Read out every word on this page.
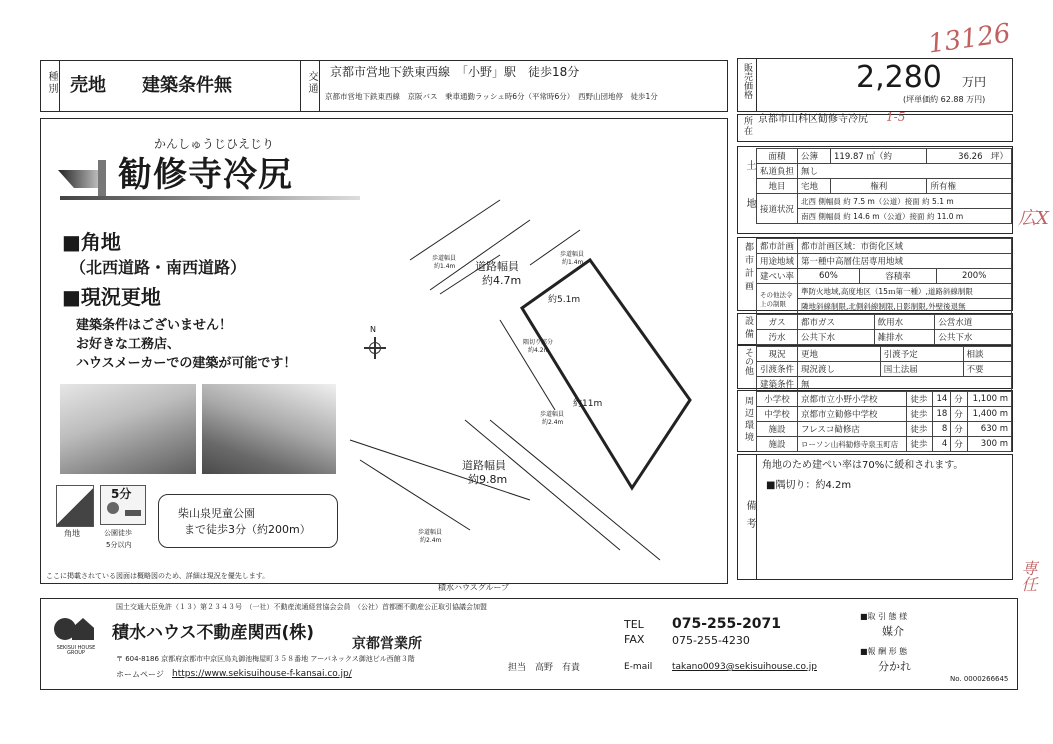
種別 売地 建築条件無	交通 京都市営地下鉄東西線　「小野」駅　徒歩18分
京都市営地下鉄東西線　京阪バス　乗車通勤ラッシュ時6分（平常時6分）　西野山団地停　徒歩1分	販売価格	2,280 万円
(坪単価約 62.88 万円)
13126
かんしゅうじひえじり
勧修寺冷尻
■角地
（北西道路・南西道路）
■現況更地
建築条件はございません！
お好きな工務店、
ハウスメーカーでの建築が可能です！
角地
5分
公園徒歩
5分以内
柴山泉児童公園
まで徒歩3分（約200m）
ここに掲載されている図面は概略図のため、詳細は現況を優先します。
積水ハウスグループ
N
道路幅員
約4.7m
道路幅員
約9.8m
歩道幅員
約1.4m
歩道幅員
約1.4m
歩道幅員
約2.4m
歩道幅員
約2.4m
約5.1m
約11m
隅切り部分
約4.2m
所在 京都市山科区勧修寺冷尻 1-5
土地
面積	公簿	119.87 ㎡（約	36.26　坪）
私道負担	無し		
地目	宅地	権利	所有権
接道状況	北西 側幅員 約 7.5 m（公道）接面 約 5.1 m		
	南西 側幅員 約 14.6 m（公道）接面 約 11.0 m		
都市計画 都市計画	都市計画区域：市街化区域		
用途地域	第一種中高層住居専用地域		
建ぺい率	60%	容積率	200%
その他法令上の制限	準防火地域,高度地区（15ｍ第一種）,道路斜線制限		
	隣地斜線制限,北側斜線制限,日影制限,外壁後退無		
設備 ガス	都市ガス	飲用水	公営水道
汚水	公共下水	雑排水	公共下水
その他 現況	更地	引渡予定	相談
引渡条件	現況渡し	国土法届	不要
建築条件	無		
周辺環境 小学校	京都市立小野小学校	徒歩	14	分	1,100 m
中学校	京都市立勧修中学校	徒歩	18	分	1,400 m
施設	フレスコ勧修店	徒歩	8	分	630 m
施設	ローソン山科勧修寺泉玉町店	徒歩	4	分	300 m
備考
角地のため建ぺい率は70%に緩和されます。
■隅切り：約4.2m
広X
専任
国土交通大臣免許（１３）第２３４３号　（一社）不動産流通経営協会会員　（公社）首都圏不動産公正取引協議会加盟
SEKISUI HOUSE GROUP
積水ハウス不動産関西(株)
京都営業所
〒 604-8186 京都府京都市中京区烏丸御池梅屋町３５８番地 アーバネックス御池ビル西館３階
ホームページ https://www.sekisuihouse-f-kansai.co.jp/
担当　高野　有貴
TEL 075-255-2071
FAX	075-255-4230
E-mail takano0093@sekisuihouse.co.jp
■取 引 態 様
媒介
■報 酬 形 態
分かれ
No. 0000266645
